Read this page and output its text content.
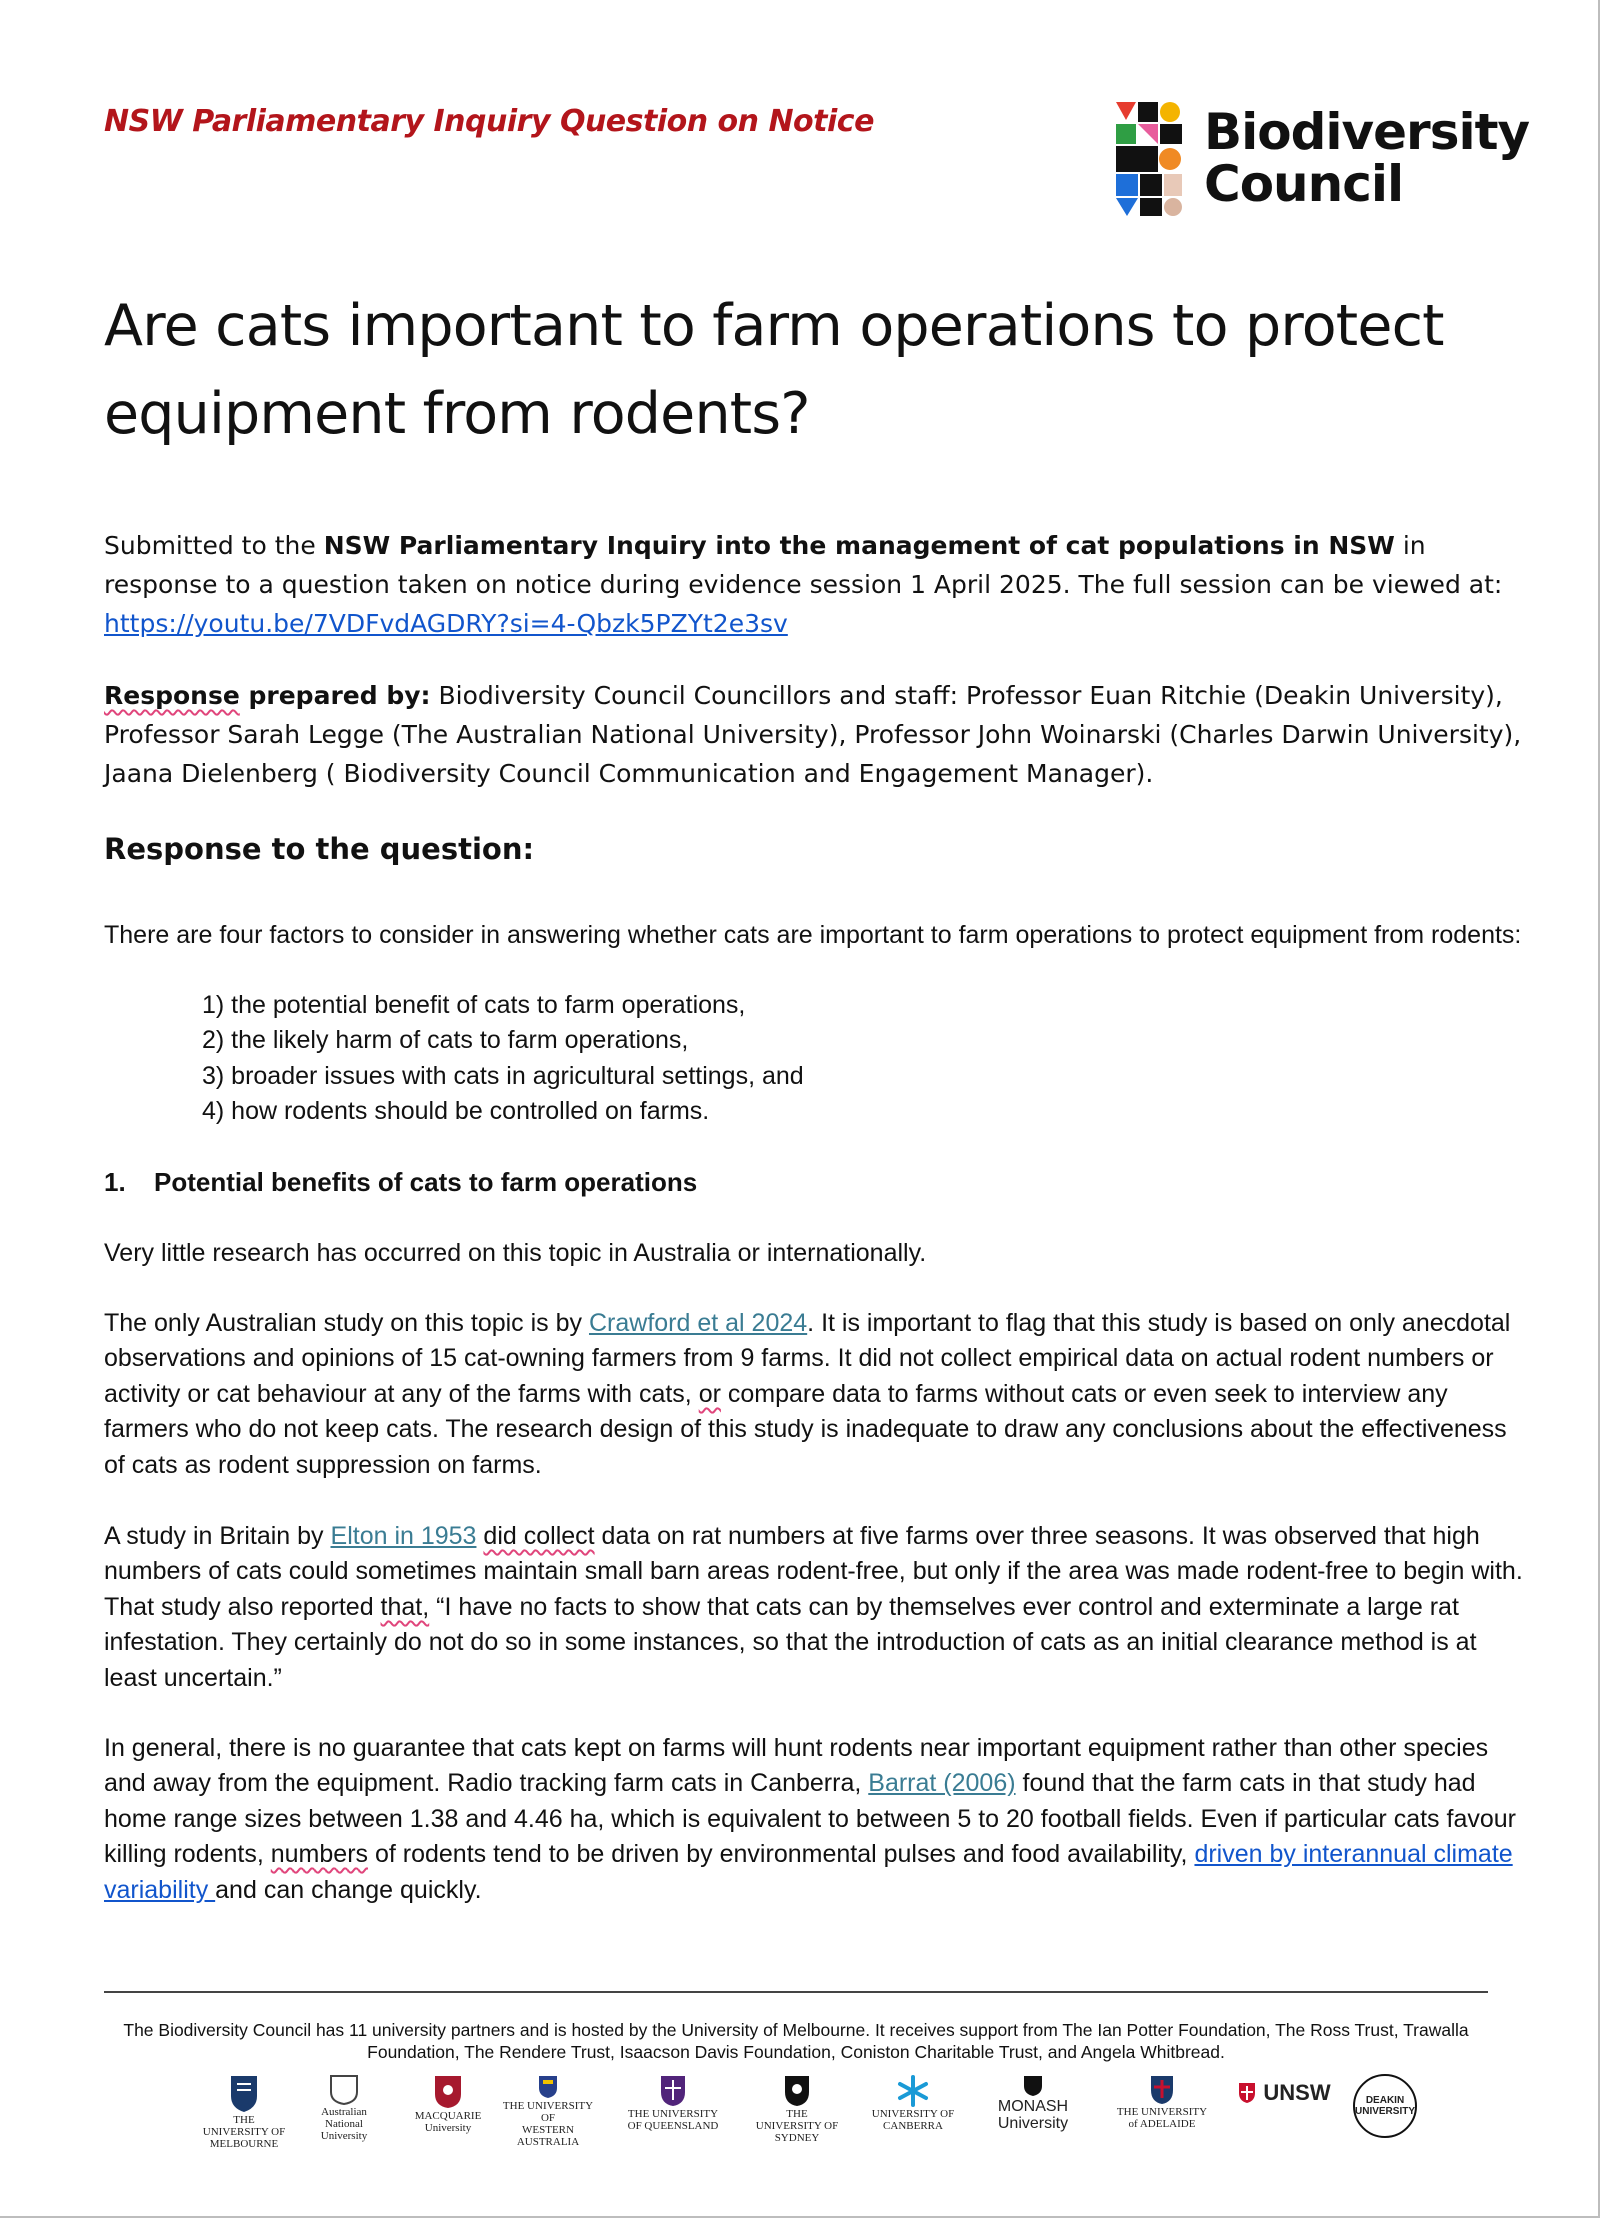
NSW Parliamentary Inquiry Question on Notice	Biodiversity
Council
Are cats important to farm operations to protect
equipment from rodents?
Submitted to the NSW Parliamentary Inquiry into the management of cat populations in NSW in response to a question taken on notice during evidence session 1 April 2025. The full session can be viewed at:
https://youtu.be/7VDFvdAGDRY?si=4-Qbzk5PZYt2e3sv
Response prepared by: Biodiversity Council Councillors and staff: Professor Euan Ritchie (Deakin University), Professor Sarah Legge (The Australian National University), Professor John Woinarski (Charles Darwin University), Jaana Dielenberg ( Biodiversity Council Communication and Engagement Manager).
Response to the question:
There are four factors to consider in answering whether cats are important to farm operations to protect equipment from rodents:
1) the potential benefit of cats to farm operations,
2) the likely harm of cats to farm operations,
3) broader issues with cats in agricultural settings, and
4) how rodents should be controlled on farms.
1. Potential benefits of cats to farm operations
Very little research has occurred on this topic in Australia or internationally.
The only Australian study on this topic is by Crawford et al 2024. It is important to flag that this study is based on only anecdotal observations and opinions of 15 cat-owning farmers from 9 farms. It did not collect empirical data on actual rodent numbers or activity or cat behaviour at any of the farms with cats, or compare data to farms without cats or even seek to interview any farmers who do not keep cats. The research design of this study is inadequate to draw any conclusions about the effectiveness of cats as rodent suppression on farms.
A study in Britain by Elton in 1953 did collect data on rat numbers at five farms over three seasons. It was observed that high numbers of cats could sometimes maintain small barn areas rodent-free, but only if the area was made rodent-free to begin with. That study also reported that, “I have no facts to show that cats can by themselves ever control and exterminate a large rat infestation. They certainly do not do so in some instances, so that the introduction of cats as an initial clearance method is at least uncertain.”
In general, there is no guarantee that cats kept on farms will hunt rodents near important equipment rather than other species and away from the equipment. Radio tracking farm cats in Canberra, Barrat (2006) found that the farm cats in that study had home range sizes between 1.38 and 4.46 ha, which is equivalent to between 5 to 20 football fields. Even if particular cats favour killing rodents, numbers of rodents tend to be driven by environmental pulses and food availability, driven by interannual climate variability and can change quickly.
The Biodiversity Council has 11 university partners and is hosted by the University of Melbourne. It receives support from The Ian Potter Foundation, The Ross Trust, Trawalla Foundation, The Rendere Trust, Isaacson Davis Foundation, Coniston Charitable Trust, and Angela Whitbread.
THE UNIVERSITY OF
MELBOURNE
Australian
National
University
MACQUARIE
University
THE UNIVERSITY OF
WESTERN
AUSTRALIA
THE UNIVERSITY
OF QUEENSLAND
THE UNIVERSITY OF
SYDNEY
UNIVERSITY OF
CANBERRA
MONASH
University
THE UNIVERSITY
of ADELAIDE
UNSW	DEAKIN
UNIVERSITY
